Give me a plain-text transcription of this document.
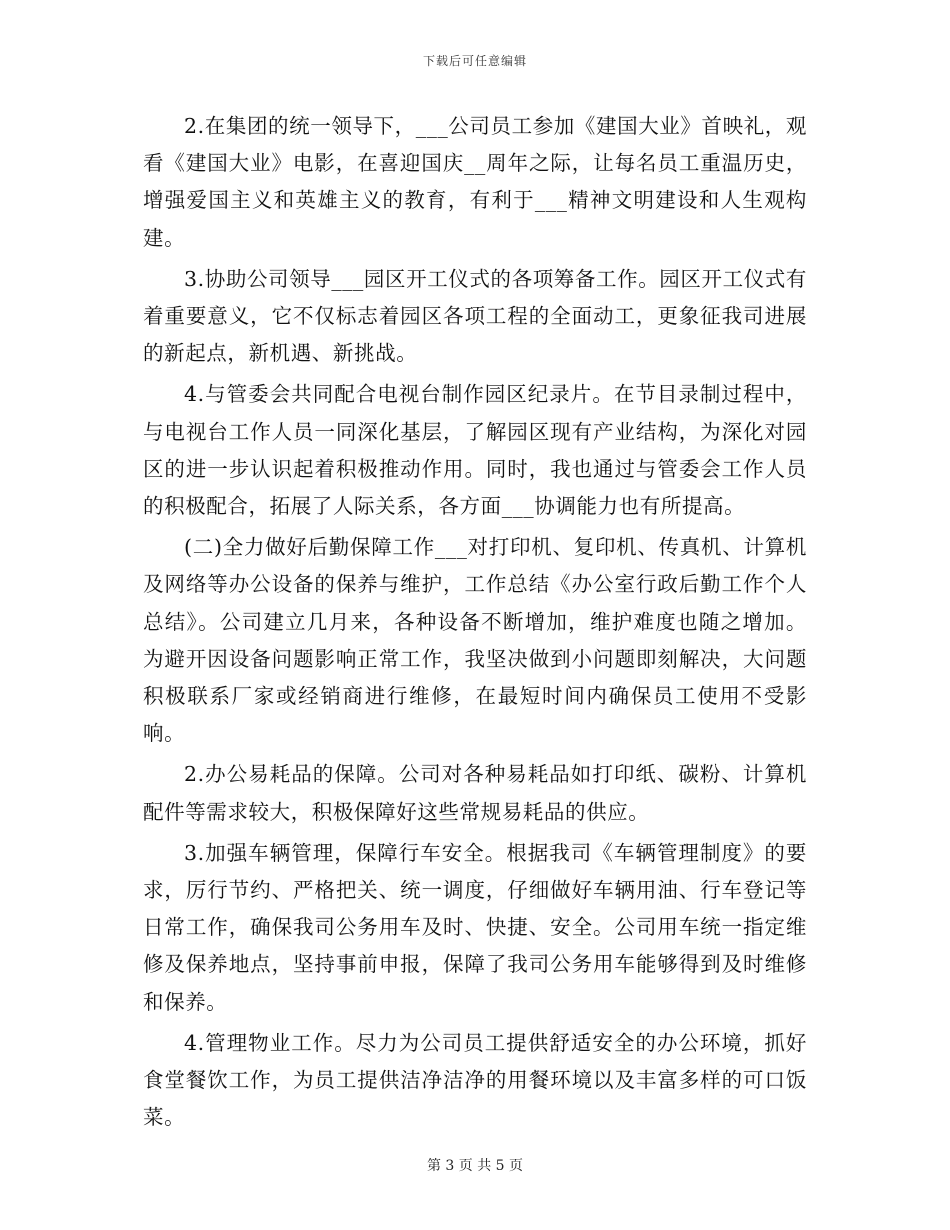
下载后可任意编辑

2.在集团的统一领导下，___公司员工参加《建国大业》首映礼，观看《建国大业》电影，在喜迎国庆__周年之际，让每名员工重温历史，增强爱国主义和英雄主义的教育，有利于___精神文明建设和人生观构建。

3.协助公司领导___园区开工仪式的各项筹备工作。园区开工仪式有着重要意义，它不仅标志着园区各项工程的全面动工，更象征我司进展的新起点，新机遇、新挑战。

4.与管委会共同配合电视台制作园区纪录片。在节目录制过程中，与电视台工作人员一同深化基层，了解园区现有产业结构，为深化对园区的进一步认识起着积极推动作用。同时，我也通过与管委会工作人员的积极配合，拓展了人际关系，各方面___协调能力也有所提高。

(二)全力做好后勤保障工作___对打印机、复印机、传真机、计算机及网络等办公设备的保养与维护，工作总结《办公室行政后勤工作个人总结》。公司建立几月来，各种设备不断增加，维护难度也随之增加。为避开因设备问题影响正常工作，我坚决做到小问题即刻解决，大问题积极联系厂家或经销商进行维修，在最短时间内确保员工使用不受影响。

2.办公易耗品的保障。公司对各种易耗品如打印纸、碳粉、计算机配件等需求较大，积极保障好这些常规易耗品的供应。

3.加强车辆管理，保障行车安全。根据我司《车辆管理制度》的要求，厉行节约、严格把关、统一调度，仔细做好车辆用油、行车登记等日常工作，确保我司公务用车及时、快捷、安全。公司用车统一指定维修及保养地点，坚持事前申报，保障了我司公务用车能够得到及时维修和保养。

4.管理物业工作。尽力为公司员工提供舒适安全的办公环境，抓好食堂餐饮工作，为员工提供洁净洁净的用餐环境以及丰富多样的可口饭菜。

第 3 页 共 5 页
